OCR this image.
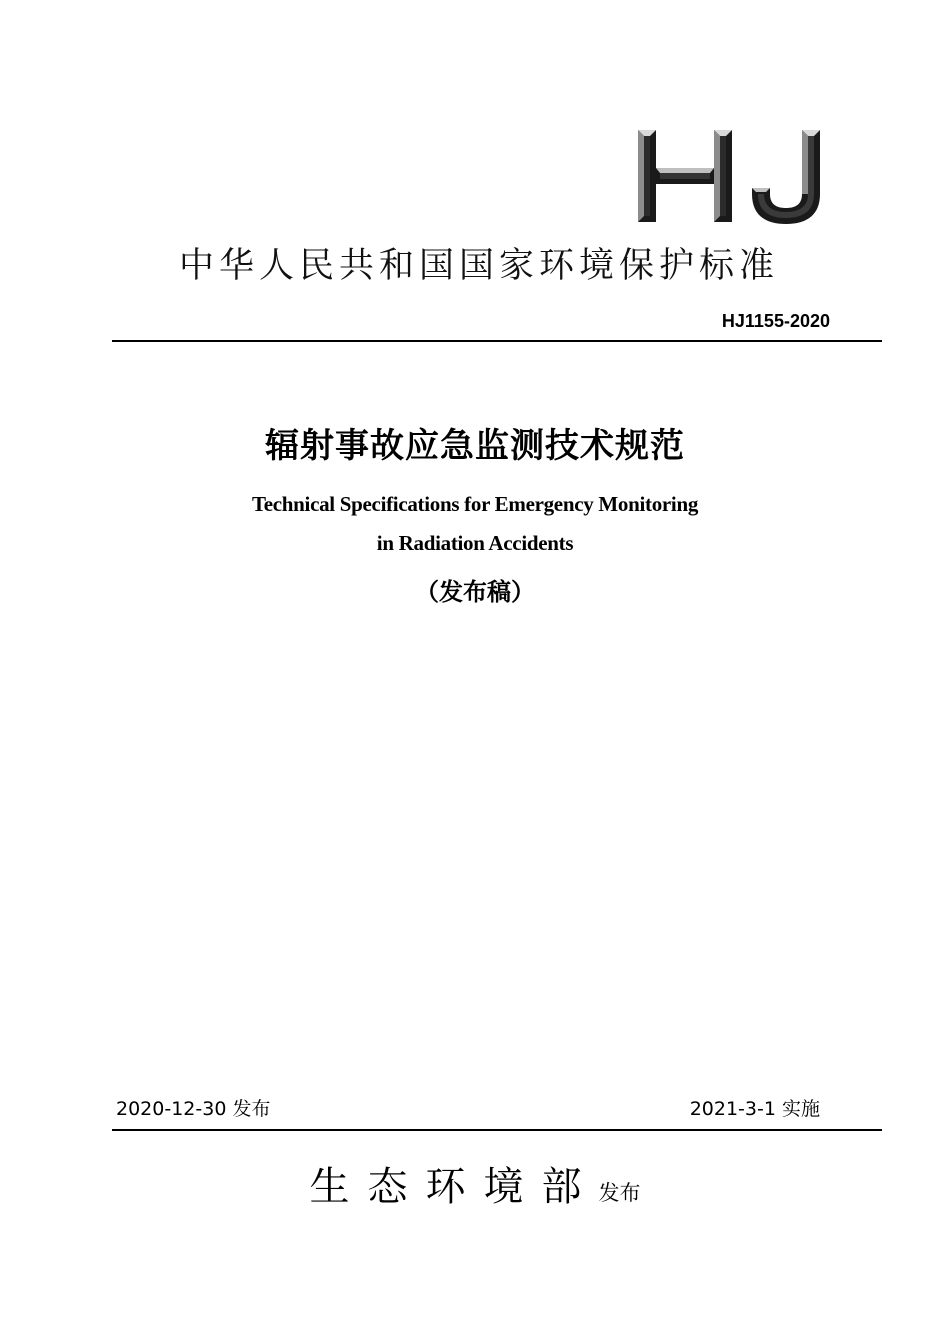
中华人民共和国国家环境保护标准
HJ1155-2020
辐射事故应急监测技术规范
Technical Specifications for Emergency Monitoring
in Radiation Accidents
（发布稿）
2020-12-30 发布	2021-3-1 实施
生态环境部 发布
